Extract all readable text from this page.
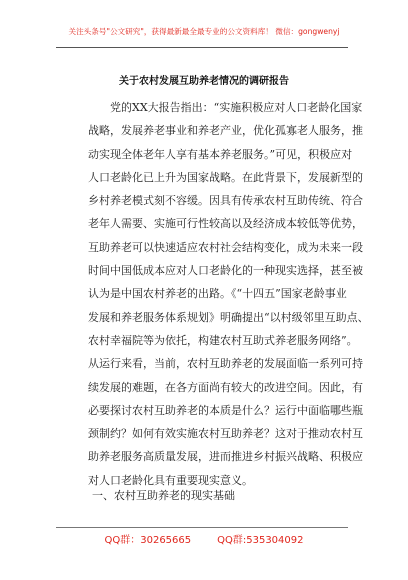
关注头条号"公文研究"，获得最新最全最专业的公文资料库！ 微信：gongwenyj
关于农村发展互助养老情况的调研报告
党的XX大报告指出：“实施积极应对人口老龄化国家
战略，发展养老事业和养老产业，优化孤寡老人服务，推
动实现全体老年人享有基本养老服务。”可见，积极应对
人口老龄化已上升为国家战略。在此背景下，发展新型的
乡村养老模式刻不容缓。因具有传承农村互助传统、符合
老年人需要、实施可行性较高以及经济成本较低等优势，
互助养老可以快速适应农村社会结构变化，成为未来一段
时间中国低成本应对人口老龄化的一种现实选择，甚至被
认为是中国农村养老的出路。《“十四五”国家老龄事业
发展和养老服务体系规划》明确提出“以村级邻里互助点、
农村幸福院等为依托，构建农村互助式养老服务网络”。
从运行来看，当前，农村互助养老的发展面临一系列可持
续发展的难题，在各方面尚有较大的改进空间。因此，有
必要探讨农村互助养老的本质是什么？运行中面临哪些瓶
颈制约？如何有效实施农村互助养老？这对于推动农村互
助养老服务高质量发展，进而推进乡村振兴战略、积极应
对人口老龄化具有重要现实意义。
一、农村互助养老的现实基础
QQ群：30265665	QQ群:535304092
